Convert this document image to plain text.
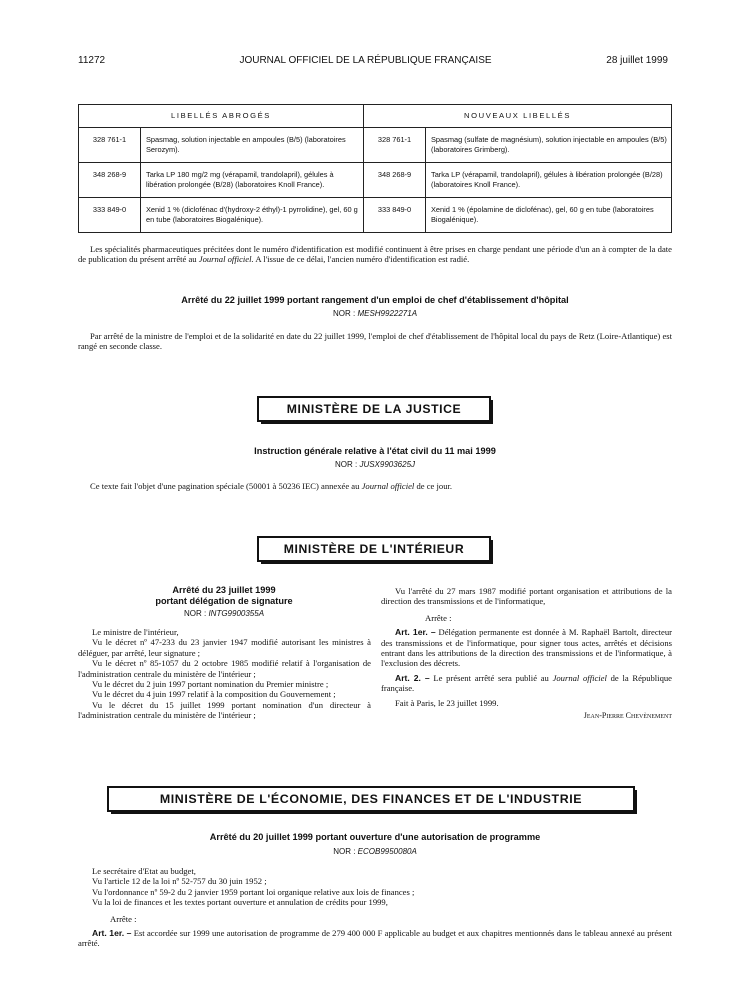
11272	JOURNAL OFFICIEL DE LA RÉPUBLIQUE FRANÇAISE	28 juillet 1999
LIBELLÉS ABROGÉS		NOUVEAUX LIBELLÉS	
328 761-1	Spasmag, solution injectable en ampoules (B/5) (laboratoires Serozym).	328 761-1	Spasmag (sulfate de magnésium), solution injectable en ampoules (B/5) (laboratoires Grimberg).
348 268-9	Tarka LP 180 mg/2 mg (vérapamil, trandolapril), gélules à libération prolongée (B/28) (laboratoires Knoll France).	348 268-9	Tarka LP (vérapamil, trandolapril), gélules à libération prolongée (B/28) (laboratoires Knoll France).
333 849-0	Xenid 1 % (diclofénac d'(hydroxy-2 éthyl)-1 pyrrolidine), gel, 60 g en tube (laboratoires Biogalénique).	333 849-0	Xenid 1 % (épolamine de diclofénac), gel, 60 g en tube (laboratoires Biogalénique).
Les spécialités pharmaceutiques précitées dont le numéro d'identification est modifié continuent à être prises en charge pendant une période d'un an à compter de la date de publication du présent arrêté au Journal officiel. A l'issue de ce délai, l'ancien numéro d'identification est radié.
Arrêté du 22 juillet 1999 portant rangement d'un emploi de chef d'établissement d'hôpital
NOR : MESH9922271A
Par arrêté de la ministre de l'emploi et de la solidarité en date du 22 juillet 1999, l'emploi de chef d'établissement de l'hôpital local du pays de Retz (Loire-Atlantique) est rangé en seconde classe.
MINISTÈRE DE LA JUSTICE
Instruction générale relative à l'état civil du 11 mai 1999
NOR : JUSX9903625J
Ce texte fait l'objet d'une pagination spéciale (50001 à 50236 IEC) annexée au Journal officiel de ce jour.
MINISTÈRE DE L'INTÉRIEUR
Arrêté du 23 juillet 1999
portant délégation de signature
NOR : INTG9900355A

Le ministre de l'intérieur,

Vu le décret nº 47-233 du 23 janvier 1947 modifié autorisant les ministres à déléguer, par arrêté, leur signature ;

Vu le décret nº 85-1057 du 2 octobre 1985 modifié relatif à l'organisation de l'administration centrale du ministère de l'intérieur ;

Vu le décret du 2 juin 1997 portant nomination du Premier ministre ;

Vu le décret du 4 juin 1997 relatif à la composition du Gouvernement ;

Vu le décret du 15 juillet 1999 portant nomination d'un directeur à l'administration centrale du ministère de l'intérieur ;

Vu l'arrêté du 27 mars 1987 modifié portant organisation et attributions de la direction des transmissions et de l'informatique,

Arrête :

Art. 1er. – Délégation permanente est donnée à M. Raphaël Bartolt, directeur des transmissions et de l'informatique, pour signer tous actes, arrêtés et décisions entrant dans les attributions de la direction des transmissions et de l'informatique, à l'exclusion des décrets.

Art. 2. – Le présent arrêté sera publié au Journal officiel de la République française.

Fait à Paris, le 23 juillet 1999.

Jean-Pierre Chevènement

MINISTÈRE DE L'ÉCONOMIE, DES FINANCES ET DE L'INDUSTRIE
Arrêté du 20 juillet 1999 portant ouverture d'une autorisation de programme
NOR : ECOB9950080A

Le secrétaire d'Etat au budget,

Vu l'article 12 de la loi nº 52-757 du 30 juin 1952 ;

Vu l'ordonnance nº 59-2 du 2 janvier 1959 portant loi organique relative aux lois de finances ;

Vu la loi de finances et les textes portant ouverture et annulation de crédits pour 1999,

Arrête :

Art. 1er. – Est accordée sur 1999 une autorisation de programme de 279 400 000 F applicable au budget et aux chapitres mentionnés dans le tableau annexé au présent arrêté.
